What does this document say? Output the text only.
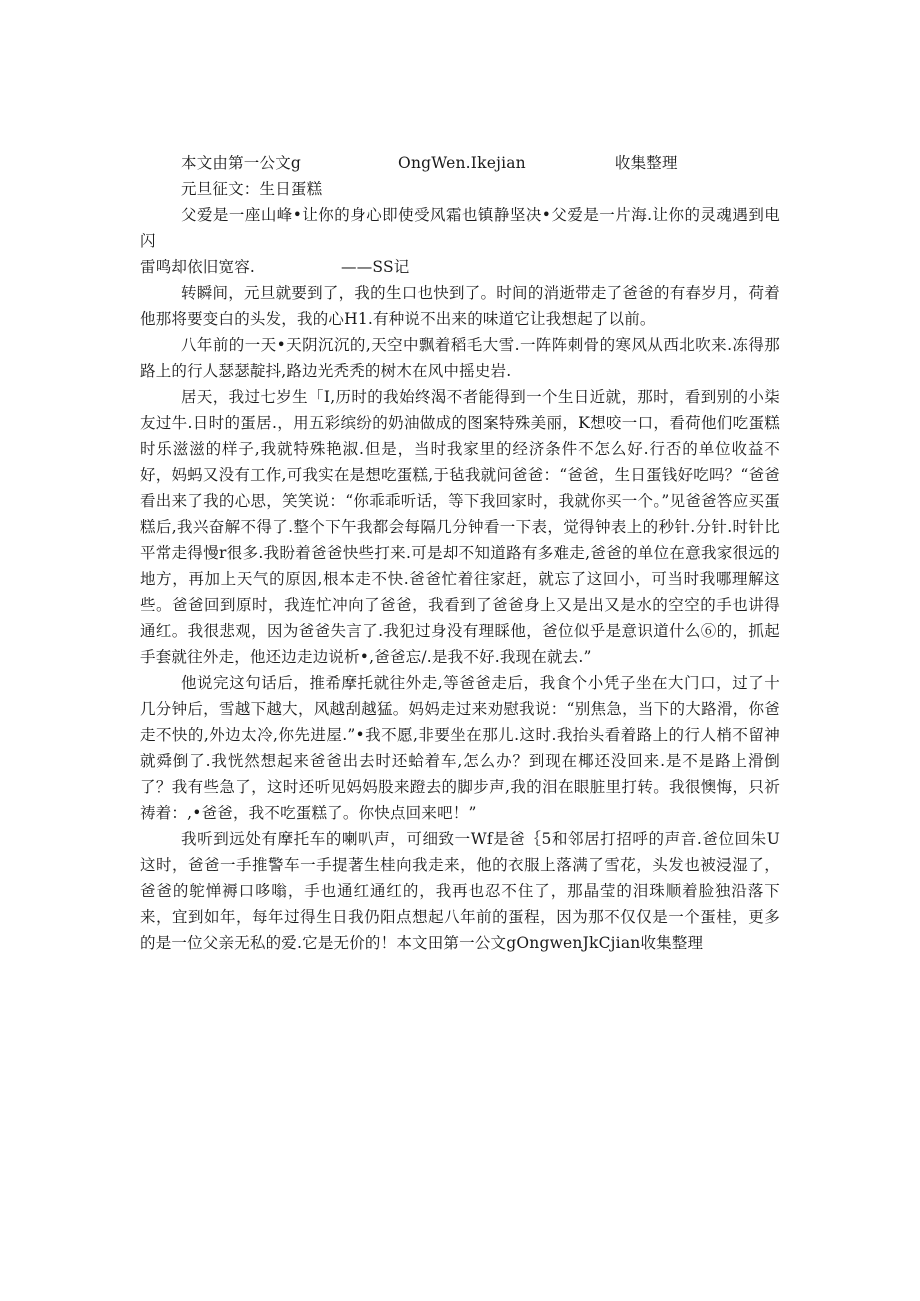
本文由第一公文g	OngWen.Ikejian	收集整理

元旦征文：生日蛋糕

父爱是一座山峰•让你的身心即使受风霜也镇静坚决•父爱是一片海.让你的灵魂遇到电闪

雷鸣却依旧宽容.	——SS记

转瞬间，元旦就要到了，我的生口也快到了。时间的消逝带走了爸爸的有春岁月，荷着他那将要变白的头发，我的心H1.有种说不出来的味道它让我想起了以前。

八年前的一天•天阴沉沉的,天空中飘着稻毛大雪.一阵阵刺骨的寒风从西北吹来.冻得那路上的行人瑟瑟靛抖,路边光秃秃的树木在风中摇史岩.

居天，我过七岁生「I,历时的我始终渴不者能得到一个生日近就，那时，看到别的小柒友过牛.日时的蛋居.，用五彩缤纷的奶油做成的图案特殊美丽，K想咬一口，看荷他们吃蛋糕时乐滋滋的样子,我就特殊艳淑.但是，当时我家里的经济条件不怎么好.行否的单位收益不好，妈蚂又没有工作,可我实在是想吃蛋糕,于毡我就问爸爸：“爸爸，生日蛋钱好吃吗？“爸爸看出来了我的心思，笑笑说：“你乖乖听话，等下我回家时，我就你买一个。”见爸爸答应买蛋糕后,我兴奋解不得了.整个下午我都会每隔几分钟看一下表，觉得钟表上的秒针.分针.时针比平常走得慢r很多.我盼着爸爸快些打来.可是却不知道路有多难走,爸爸的单位在意我家很远的地方，再加上天气的原因,根本走不快.爸爸忙着往家赶，就忘了这回小，可当时我哪理解这些。爸爸回到原时，我连忙冲向了爸爸，我看到了爸爸身上又是出又是水的空空的手也讲得通红。我很悲观，因为爸爸失言了.我犯过身没有理睬他，爸位似乎是意识道什么⑥的，抓起手套就往外走，他还边走边说析•,爸爸忘/.是我不好.我现在就去.”

他说完这句话后，推希摩托就往外走,等爸爸走后，我食个小凭子坐在大门口，过了十几分钟后，雪越下越大，风越刮越猛。妈妈走过来劝慰我说：“别焦急，当下的大路滑，你爸走不快的,外边太冷,你先进屋.”•我不愿,非要坐在那儿.这时.我抬头看着路上的行人梢不留神就舜倒了.我恍然想起来爸爸出去时还蛤着车,怎么办？到现在椰还没回来.是不是路上滑倒了？我有些急了，这时还听见妈妈股来蹬去的脚步声,我的泪在眼脏里打转。我很懊悔，只祈祷着：,•爸爸，我不吃蛋糕了。你快点回来吧！”

我听到远处有摩托车的喇叭声，可细致一Wf是爸｛5和邻居打招呼的声音.爸位回朱U这时，爸爸一手推警车一手提著生桂向我走来，他的衣服上落满了雪花，头发也被浸湿了，爸爸的鸵惮褥口哆嗡，手也通红通红的，我再也忍不住了，那晶莹的泪珠顺着脸独沿落下来，宜到如年，每年过得生日我仍阳点想起八年前的蛋程，因为那不仅仅是一个蛋桂，更多的是一位父亲无私的爱.它是无价的！本文田第一公文gOngwenJkCjian收集整理
